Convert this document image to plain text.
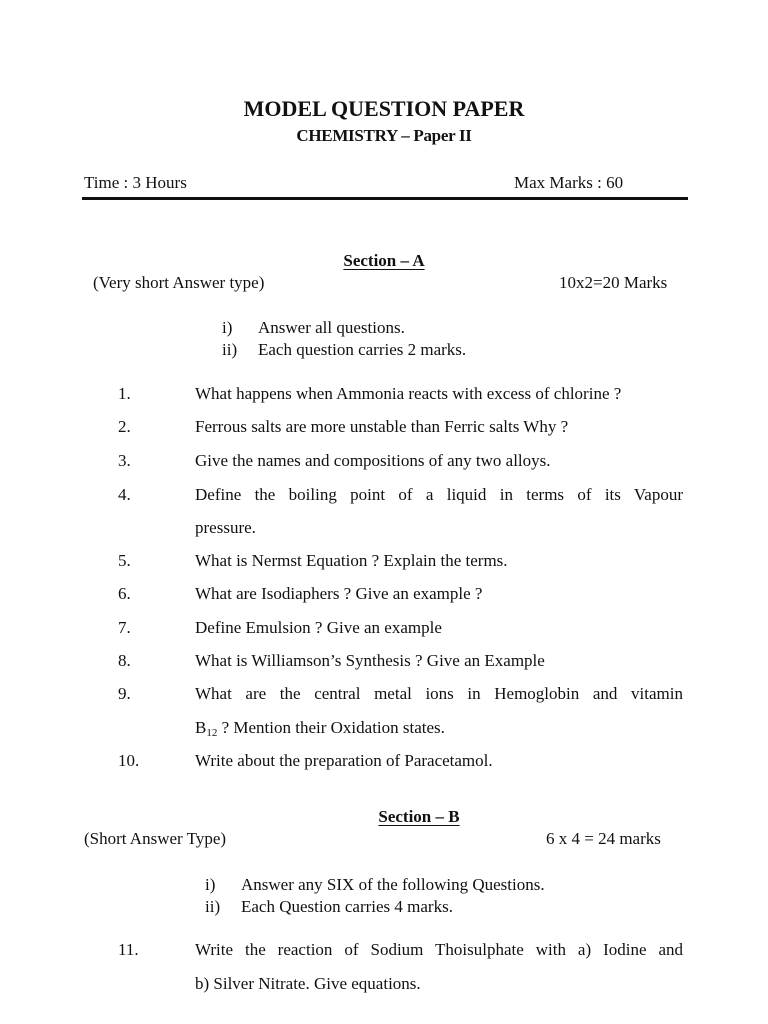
MODEL QUESTION PAPER
CHEMISTRY – Paper II
Time : 3 Hours	Max Marks : 60
Section – A
(Very short Answer type)	10x2=20 Marks
i) Answer all questions.
ii) Each question carries 2 marks.
1.	What happens when Ammonia reacts with excess of chlorine ?
2.	Ferrous salts are more unstable than Ferric salts Why ?
3.	Give the names and compositions of any two alloys.
4.	Define the boiling point of a liquid in terms of its Vapour
pressure.
5.	What is Nermst Equation ? Explain the terms.
6.	What are Isodiaphers ? Give an example ?
7.	Define Emulsion ? Give an example
8.	What is Williamson’s Synthesis ? Give an Example
9.	What are the central metal ions in Hemoglobin and vitamin
$B_{12}$ ? Mention their Oxidation states.
10.	Write about the preparation of Paracetamol.
Section – B
(Short Answer Type)	6 x 4 = 24 marks
i) Answer any SIX of the following Questions.
ii) Each Question carries 4 marks.
11.	Write the reaction of Sodium Thoisulphate with a) Iodine and
b) Silver Nitrate. Give equations.
